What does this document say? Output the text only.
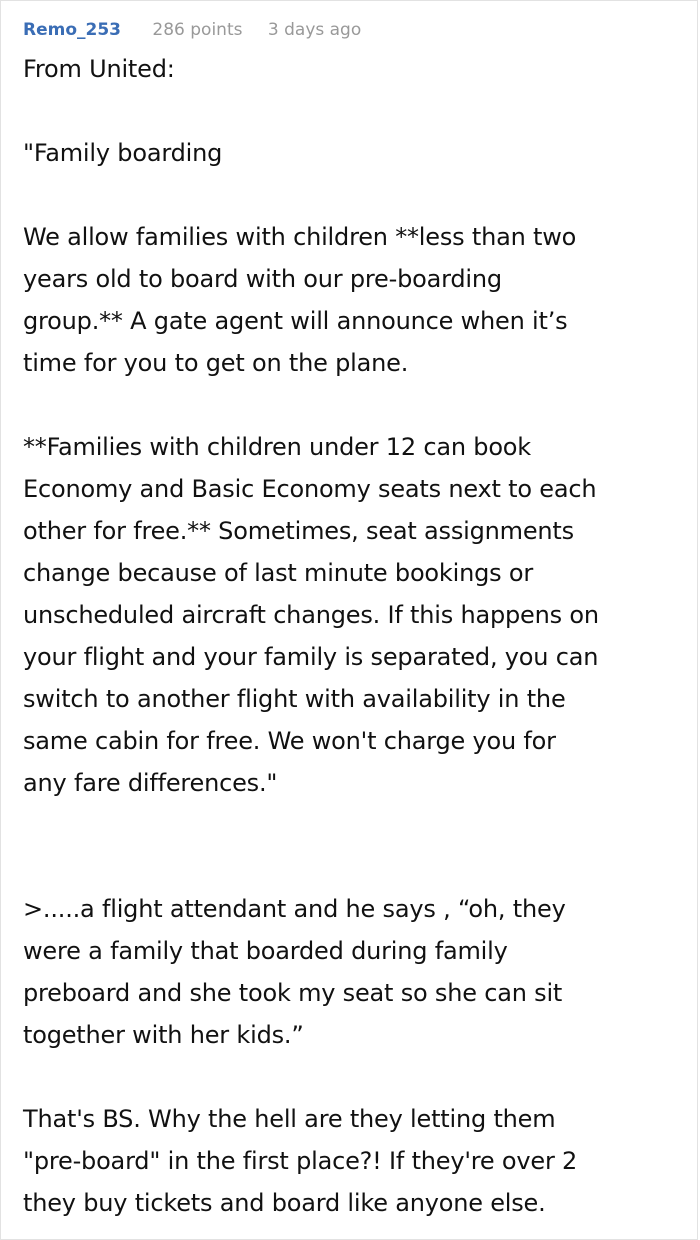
Remo_253 286 points 3 days ago
From United:
"Family boarding
We allow families with children **less than two
years old to board with our pre-boarding
group.** A gate agent will announce when it’s
time for you to get on the plane.
**Families with children under 12 can book
Economy and Basic Economy seats next to each
other for free.** Sometimes, seat assignments
change because of last minute bookings or
unscheduled aircraft changes. If this happens on
your flight and your family is separated, you can
switch to another flight with availability in the
same cabin for free. We won't charge you for
any fare differences."
>.....a flight attendant and he says , “oh, they
were a family that boarded during family
preboard and she took my seat so she can sit
together with her kids.”
That's BS. Why the hell are they letting them
"pre-board" in the first place?! If they're over 2
they buy tickets and board like anyone else.
